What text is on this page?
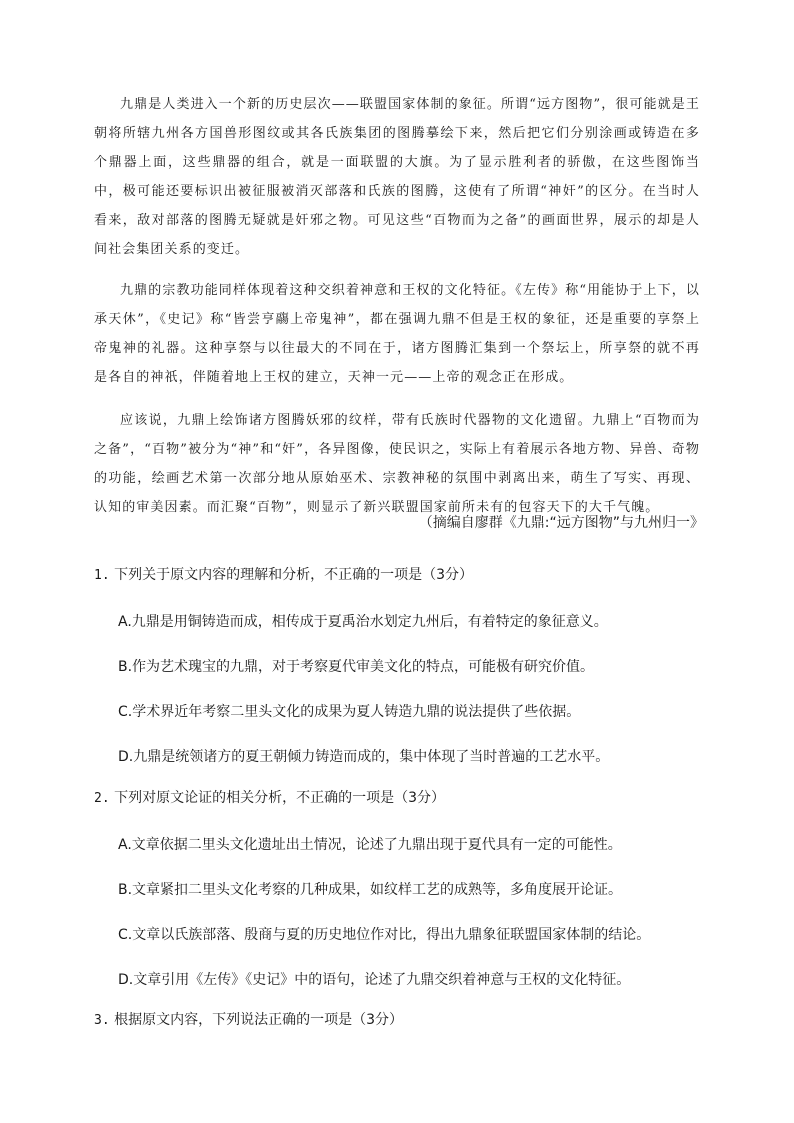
九鼎是人类进入一个新的历史层次——联盟国家体制的象征。所谓“远方图物”，很可能就是王朝将所辖九州各方国兽形图纹或其各氏族集团的图腾摹绘下来，然后把它们分别涂画或铸造在多个鼎器上面，这些鼎器的组合，就是一面联盟的大旗。为了显示胜利者的骄傲，在这些图饰当中，极可能还要标识出被征服被消灭部落和氏族的图腾，这使有了所谓“神奸”的区分。在当时人看来，敌对部落的图腾无疑就是奸邪之物。可见这些“百物而为之备”的画面世界，展示的却是人间社会集团关系的变迁。

九鼎的宗教功能同样体现着这种交织着神意和王权的文化特征。《左传》称“用能协于上下，以承天休”，《史记》称“皆尝亨鬺上帝鬼神”，都在强调九鼎不但是王权的象征，还是重要的享祭上帝鬼神的礼器。这种享祭与以往最大的不同在于，诸方图腾汇集到一个祭坛上，所享祭的就不再是各自的神祇，伴随着地上王权的建立，天神一元——上帝的观念正在形成。

应该说，九鼎上绘饰诸方图腾妖邪的纹样，带有氏族时代器物的文化遗留。九鼎上“百物而为之备”，“百物”被分为“神”和“奸”，各异图像，使民识之，实际上有着展示各地方物、异兽、奇物的功能，绘画艺术第一次部分地从原始巫术、宗教神秘的氛围中剥离出来，萌生了写实、再现、认知的审美因素。而汇聚“百物”，则显示了新兴联盟国家前所未有的包容天下的大千气魄。

（摘编自廖群《九鼎:“远方图物”与九州归一》
1. 下列关于原文内容的理解和分析，不正确的一项是（3分）
A.九鼎是用铜铸造而成，相传成于夏禹治水划定九州后，有着特定的象征意义。
B.作为艺术瑰宝的九鼎，对于考察夏代审美文化的特点，可能极有研究价值。
C.学术界近年考察二里头文化的成果为夏人铸造九鼎的说法提供了些依据。
D.九鼎是统领诸方的夏王朝倾力铸造而成的，集中体现了当时普遍的工艺水平。
2. 下列对原文论证的相关分析，不正确的一项是（3分）
A.文章依据二里头文化遗址出土情况，论述了九鼎出现于夏代具有一定的可能性。
B.文章紧扣二里头文化考察的几种成果，如纹样工艺的成熟等，多角度展开论证。
C.文章以氏族部落、殷商与夏的历史地位作对比，得出九鼎象征联盟国家体制的结论。
D.文章引用《左传》《史记》中的语句，论述了九鼎交织着神意与王权的文化特征。
3. 根据原文内容，下列说法正确的一项是（3分）
